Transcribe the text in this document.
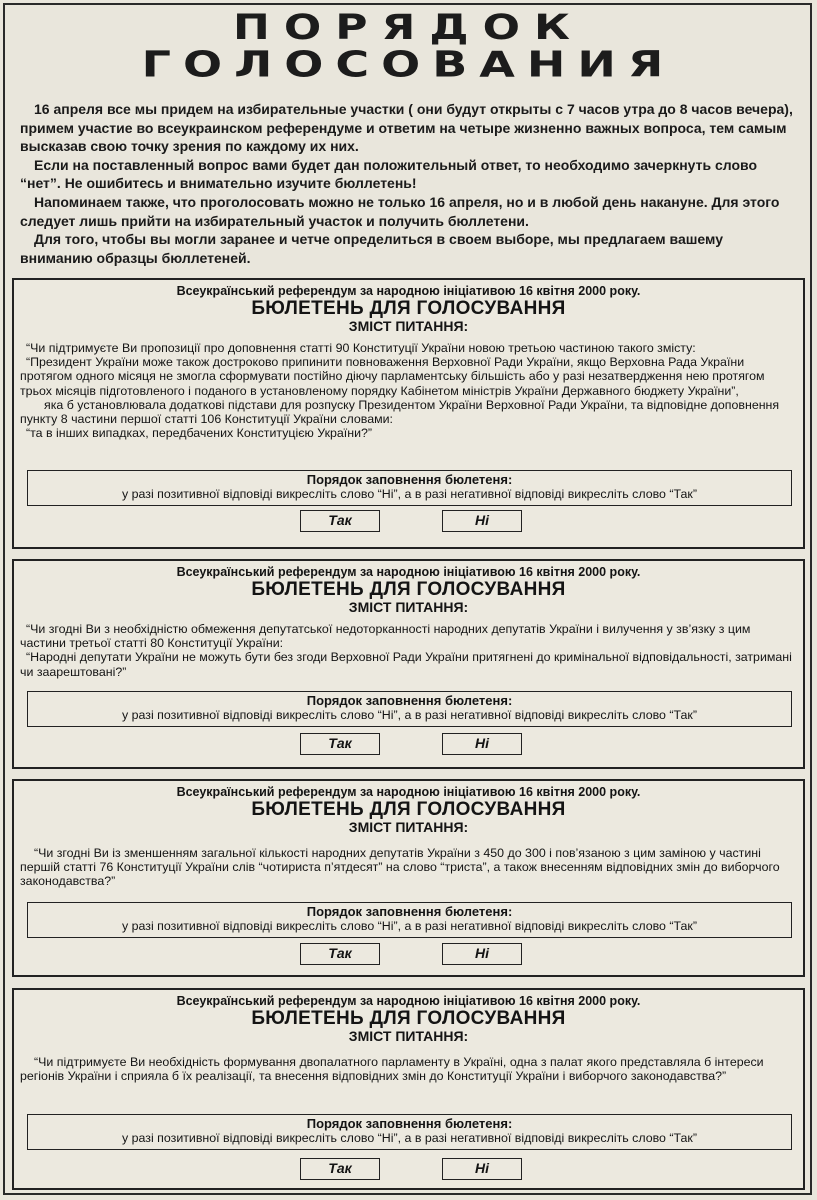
ПОРЯДОК
ГОЛОСОВАНИЯ

16 апреля все мы придем на избирательные участки ( они будут открыты с 7 часов утра до 8 часов вечера), примем участие во всеукраинском референдуме и ответим на четыре жизненно важных вопроса, тем самым высказав свою точку зрения по каждому их них.

Если на поставленный вопрос вами будет дан положительный ответ, то необходимо зачеркнуть слово “нет”. Не ошибитесь и внимательно изучите бюллетень!

Напоминаем также, что проголосовать можно не только 16 апреля, но и в любой день накануне. Для этого следует лишь прийти на избирательный участок и получить бюллетени.

Для того, чтобы вы могли заранее и четче определиться в своем выборе, мы предлагаем вашему вниманию образцы бюллетеней.

Всеукраїнський референдум за народною ініціативою 16 квітня 2000 року.
БЮЛЕТЕНЬ ДЛЯ ГОЛОСУВАННЯ
ЗМІСТ ПИТАННЯ:

“Чи підтримуєте Ви пропозиції про доповнення статті 90 Конституції України новою третьою частиною такого змісту:

“Президент України може також достроково припинити повноваження Верховної Ради України, якщо Верховна Рада України протягом одного місяця не змогла сформувати постійно діючу парламентську більшість або у разі незатвердження нею протягом трьох місяців підготовленого і поданого в установленому порядку Кабінетом міністрів України Державного бюджету України”,

яка б установлювала додаткові підстави для розпуску Президентом України Верховної Ради України, та відповідне доповнення пункту 8 частини першої статті 106 Конституції України словами:

“та в інших випадках, передбачених Конституцією України?”

Порядок заповнення бюлетеня:
у разі позитивної відповіді викресліть слово “Ні”, а в разі негативної відповіді викресліть слово “Так”
Так	Ні
Всеукраїнський референдум за народною ініціативою 16 квітня 2000 року.
БЮЛЕТЕНЬ ДЛЯ ГОЛОСУВАННЯ
ЗМІСТ ПИТАННЯ:

“Чи згодні Ви з необхідністю обмеження депутатської недоторканності народних депутатів України і вилучення у зв’язку з цим частини третьої статті 80 Конституції України:

“Народні депутати України не можуть бути без згоди Верховної Ради України притягнені до кримінальної відповідальності, затримані чи заарештовані?”

Порядок заповнення бюлетеня:
у разі позитивної відповіді викресліть слово “Ні”, а в разі негативної відповіді викресліть слово “Так”
Так	Ні
Всеукраїнський референдум за народною ініціативою 16 квітня 2000 року.
БЮЛЕТЕНЬ ДЛЯ ГОЛОСУВАННЯ
ЗМІСТ ПИТАННЯ:

“Чи згодні Ви із зменшенням загальної кількості народних депутатів України з 450 до 300 і пов’язаною з цим заміною у частині першій статті 76 Конституції України слів “чотириста п’ятдесят” на слово “триста”, а також внесенням відповідних змін до виборчого законодавства?”

Порядок заповнення бюлетеня:
у разі позитивної відповіді викресліть слово “Ні”, а в разі негативної відповіді викресліть слово “Так”
Так	Ні
Всеукраїнський референдум за народною ініціативою 16 квітня 2000 року.
БЮЛЕТЕНЬ ДЛЯ ГОЛОСУВАННЯ
ЗМІСТ ПИТАННЯ:

“Чи підтримуєте Ви необхідність формування двопалатного парламенту в Україні, одна з палат якого представляла б інтереси регіонів України і сприяла б їх реалізації, та внесення відповідних змін до Конституції України і виборчого законодавства?”

Порядок заповнення бюлетеня:
у разі позитивної відповіді викресліть слово “Ні”, а в разі негативної відповіді викресліть слово “Так”
Так	Ні
